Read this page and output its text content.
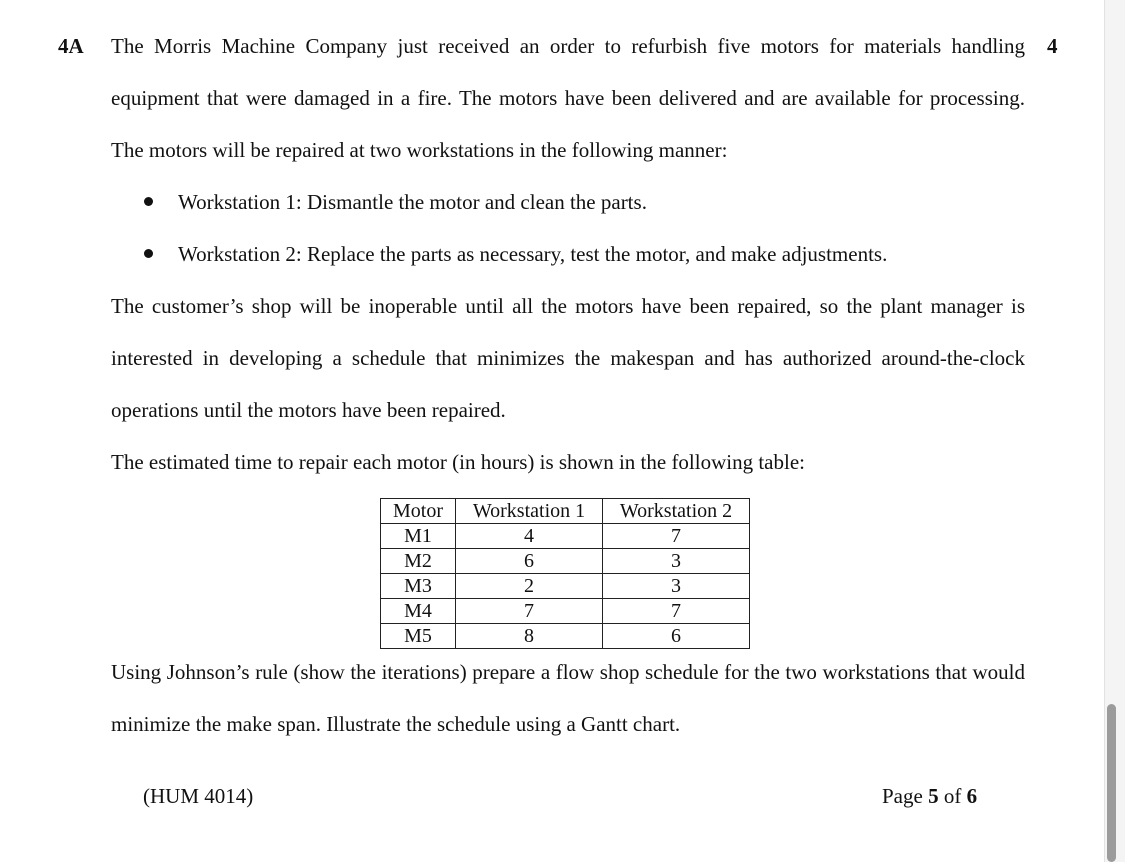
4A	4
The Morris Machine Company just received an order to refurbish five motors for materials handling equipment that were damaged in a fire. The motors have been delivered and are available for processing. The motors will be repaired at two workstations in the following manner:
Workstation 1: Dismantle the motor and clean the parts.
Workstation 2: Replace the parts as necessary, test the motor, and make adjustments.
The customer’s shop will be inoperable until all the motors have been repaired, so the plant manager is interested in developing a schedule that minimizes the makespan and has authorized around-the-clock operations until the motors have been repaired.
The estimated time to repair each motor (in hours) is shown in the following table:
Motor	Workstation 1	Workstation 2
M1	4	7
M2	6	3
M3	2	3
M4	7	7
M5	8	6
Using Johnson’s rule (show the iterations) prepare a flow shop schedule for the two workstations that would minimize the make span. Illustrate the schedule using a Gantt chart.
(HUM 4014)	Page 5 of 6
